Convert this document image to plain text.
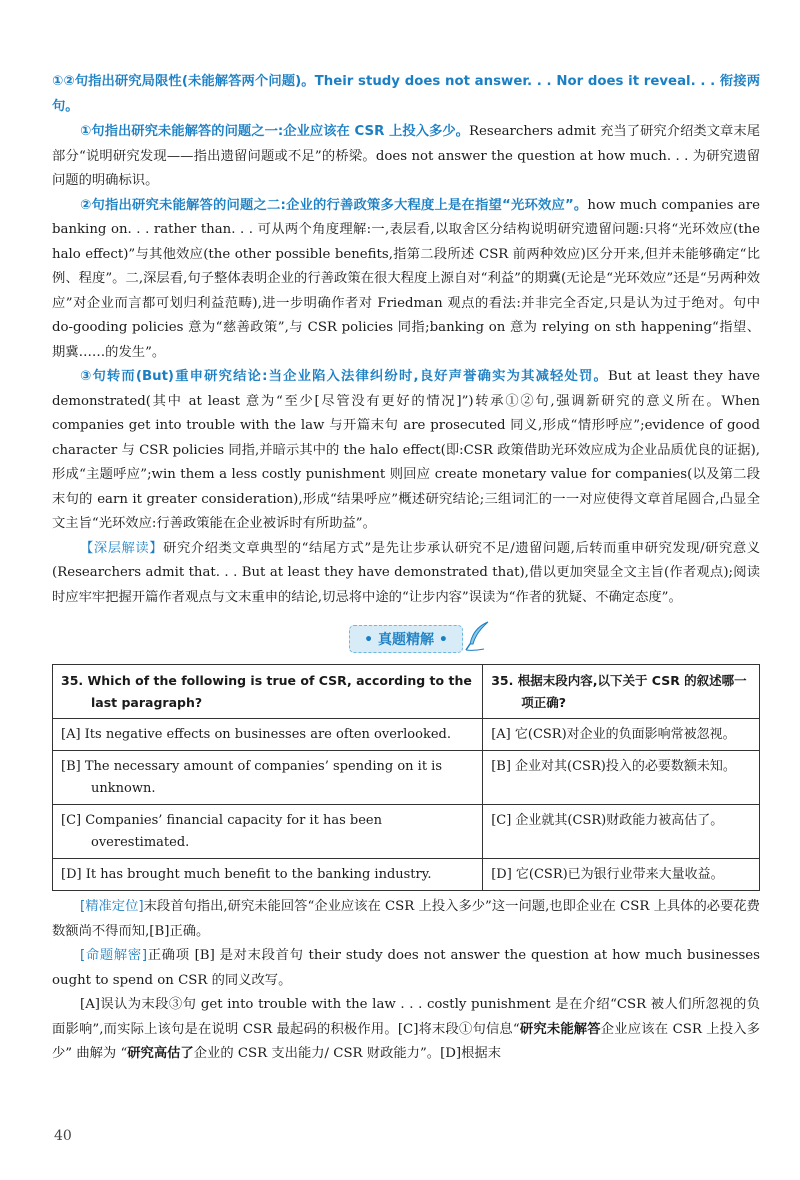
①②句指出研究局限性(未能解答两个问题)。Their study does not answer. . . Nor does it reveal. . . 衔接两句。

①句指出研究未能解答的问题之一:企业应该在 CSR 上投入多少。Researchers admit 充当了研究介绍类文章末尾部分“说明研究发现——指出遗留问题或不足”的桥梁。does not answer the question at how much. . . 为研究遗留问题的明确标识。

②句指出研究未能解答的问题之二:企业的行善政策多大程度上是在指望“光环效应”。how much companies are banking on. . . rather than. . . 可从两个角度理解:一,表层看,以取舍区分结构说明研究遗留问题:只将“光环效应(the halo effect)”与其他效应(the other possible benefits,指第二段所述 CSR 前两种效应)区分开来,但并未能够确定“比例、程度”。二,深层看,句子整体表明企业的行善政策在很大程度上源自对“利益”的期冀(无论是“光环效应”还是“另两种效应”对企业而言都可划归利益范畴),进一步明确作者对 Friedman 观点的看法:并非完全否定,只是认为过于绝对。句中 do-gooding policies 意为“慈善政策”,与 CSR policies 同指;banking on 意为 relying on sth happening“指望、期冀……的发生”。

③句转而(But)重申研究结论:当企业陷入法律纠纷时,良好声誉确实为其减轻处罚。But at least they have demonstrated(其中 at least 意为“至少[尽管没有更好的情况]”)转承①②句,强调新研究的意义所在。When companies get into trouble with the law 与开篇末句 are prosecuted 同义,形成“情形呼应”;evidence of good character 与 CSR policies 同指,并暗示其中的 the halo effect(即:CSR 政策借助光环效应成为企业品质优良的证据),形成“主题呼应”;win them a less costly punishment 则回应 create monetary value for companies(以及第二段末句的 earn it greater consideration),形成“结果呼应”概述研究结论;三组词汇的一一对应使得文章首尾圆合,凸显全文主旨“光环效应:行善政策能在企业被诉时有所助益”。

【深层解读】研究介绍类文章典型的“结尾方式”是先让步承认研究不足/遗留问题,后转而重申研究发现/研究意义(Researchers admit that. . . But at least they have demonstrated that),借以更加突显全文主旨(作者观点);阅读时应牢牢把握开篇作者观点与文末重申的结论,切忌将中途的“让步内容”误读为“作者的犹疑、不确定态度”。

• 真题精解 •
35. Which of the following is true of CSR, according to the last paragraph?	35. 根据末段内容,以下关于 CSR 的叙述哪一项正确?

[A] Its negative effects on businesses are often overlooked.	[A] 它(CSR)对企业的负面影响常被忽视。

[B] The necessary amount of companies’ spending on it is unknown.	[B] 企业对其(CSR)投入的必要数额未知。

[C] Companies’ financial capacity for it has been overestimated.	[C] 企业就其(CSR)财政能力被高估了。

[D] It has brought much benefit to the banking industry.	[D] 它(CSR)已为银行业带来大量收益。

[精准定位]末段首句指出,研究未能回答“企业应该在 CSR 上投入多少”这一问题,也即企业在 CSR 上具体的必要花费数额尚不得而知,[B]正确。

[命题解密]正确项 [B] 是对末段首句 their study does not answer the question at how much businesses ought to spend on CSR 的同义改写。

[A]误认为末段③句 get into trouble with the law . . . costly punishment 是在介绍“CSR 被人们所忽视的负面影响”,而实际上该句是在说明 CSR 最起码的积极作用。[C]将末段①句信息“研究未能解答企业应该在 CSR 上投入多少” 曲解为 “研究高估了企业的 CSR 支出能力/ CSR 财政能力”。[D]根据末

40
